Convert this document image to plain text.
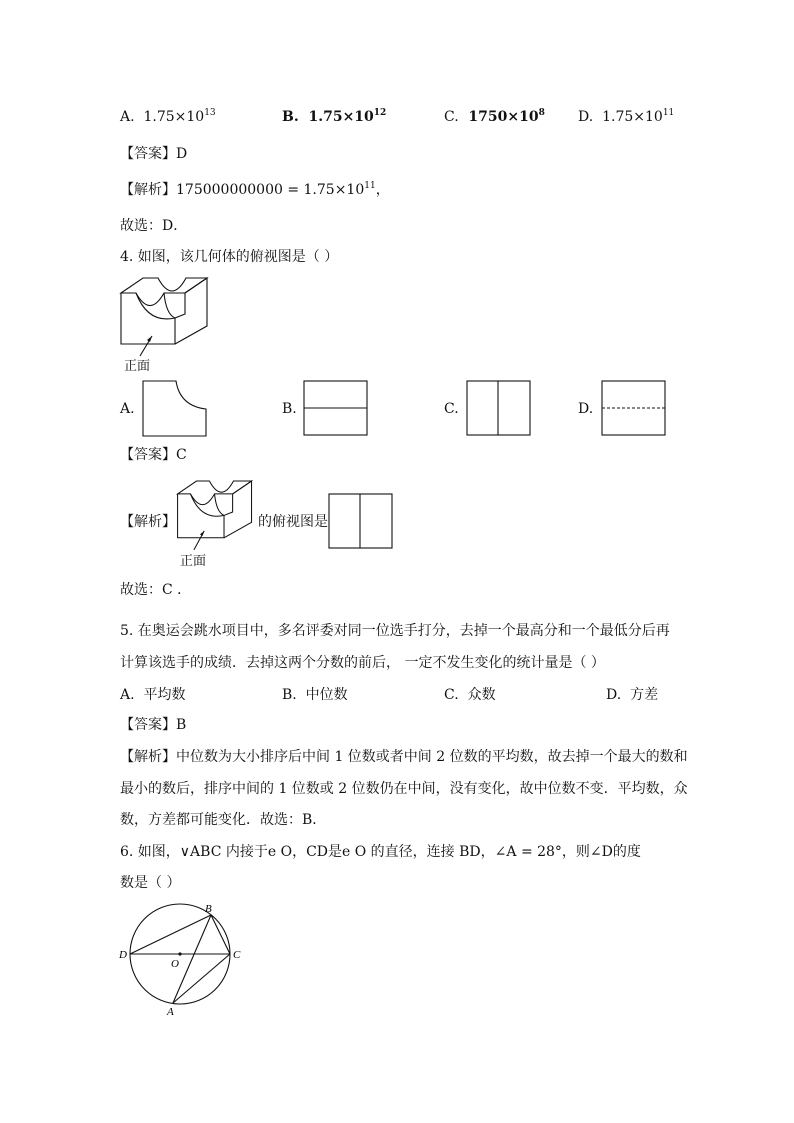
A. $1.75\times 10^{13}$	B. $1.75\times 10^{12}$	C. $1750\times 10^8$ D. $1.75\times 10^{11}$
【答案】D
【解析】$175000000000 = 1.75\times 10^{11}$，
故选：D．
4. 如图，该几何体的俯视图是（ ）
正面
A.	B.	C.	D.
【答案】C
【解析】
正面
的俯视图是
故选：C ．
5. 在奥运会跳水项目中，多名评委对同一位选手打分，去掉一个最高分和一个最低分后再
计算该选手的成绩．去掉这两个分数的前后， 一定不发生变化的统计量是（ ）
A. 平均数	B. 中位数	C. 众数	D. 方差
【答案】B
【解析】中位数为大小排序后中间 1 位数或者中间 2 位数的平均数，故去掉一个最大的数和
最小的数后，排序中间的 1 位数或 2 位数仍在中间，没有变化，故中位数不变．平均数，众
数，方差都可能变化．故选：B．
6. 如图，∨ABC 内接于e O，CD是e O 的直径，连接 BD，∠A = 28°，则∠D的度
数是（ ）
B
D
O
C
A
